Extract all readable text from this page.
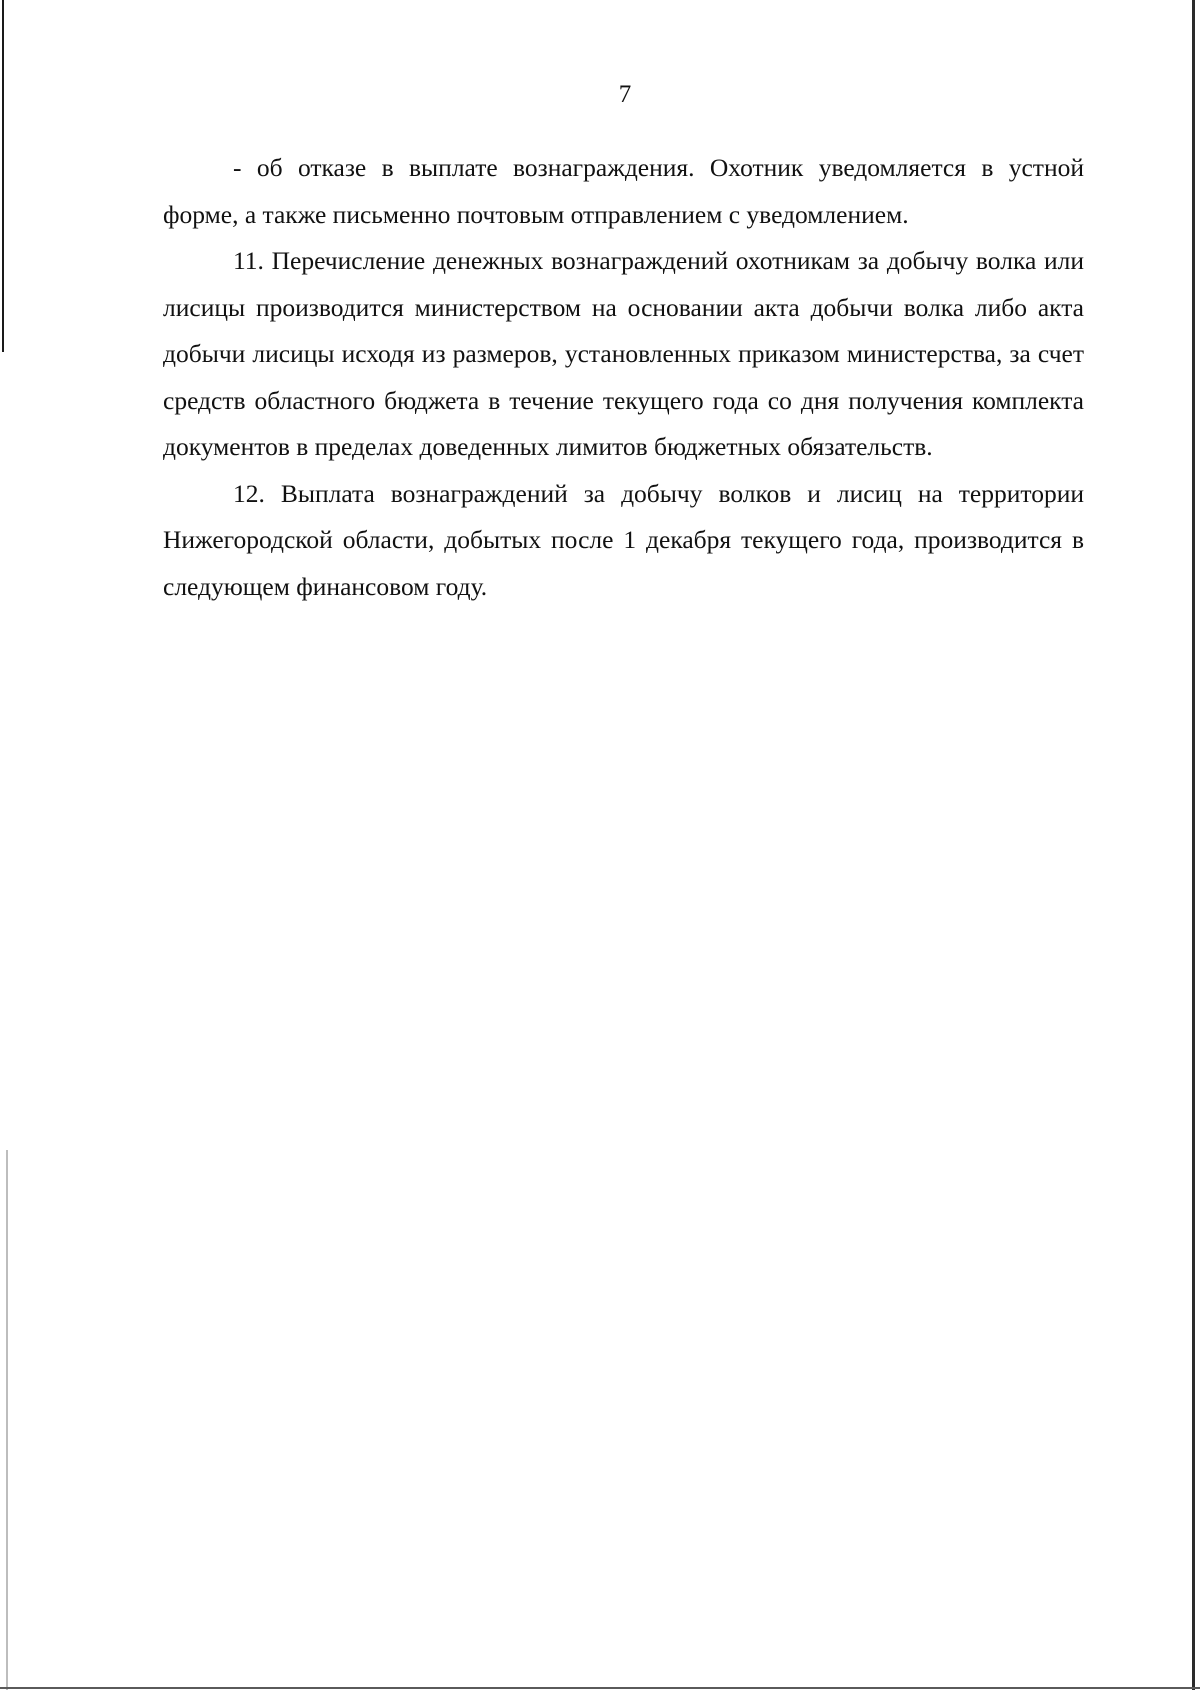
7

- об отказе в выплате вознаграждения. Охотник уведомляется в устной форме, а также письменно почтовым отправлением с уведомлением.

11. Перечисление денежных вознаграждений охотникам за добычу волка или лисицы производится министерством на основании акта добычи волка либо акта добычи лисицы исходя из размеров, установленных приказом министерства, за счет средств областного бюджета в течение текущего года со дня получения комплекта документов в пределах доведенных лимитов бюджетных обязательств.

12. Выплата вознаграждений за добычу волков и лисиц на территории Нижегородской области, добытых после 1 декабря текущего года, производится в следующем финансовом году.
